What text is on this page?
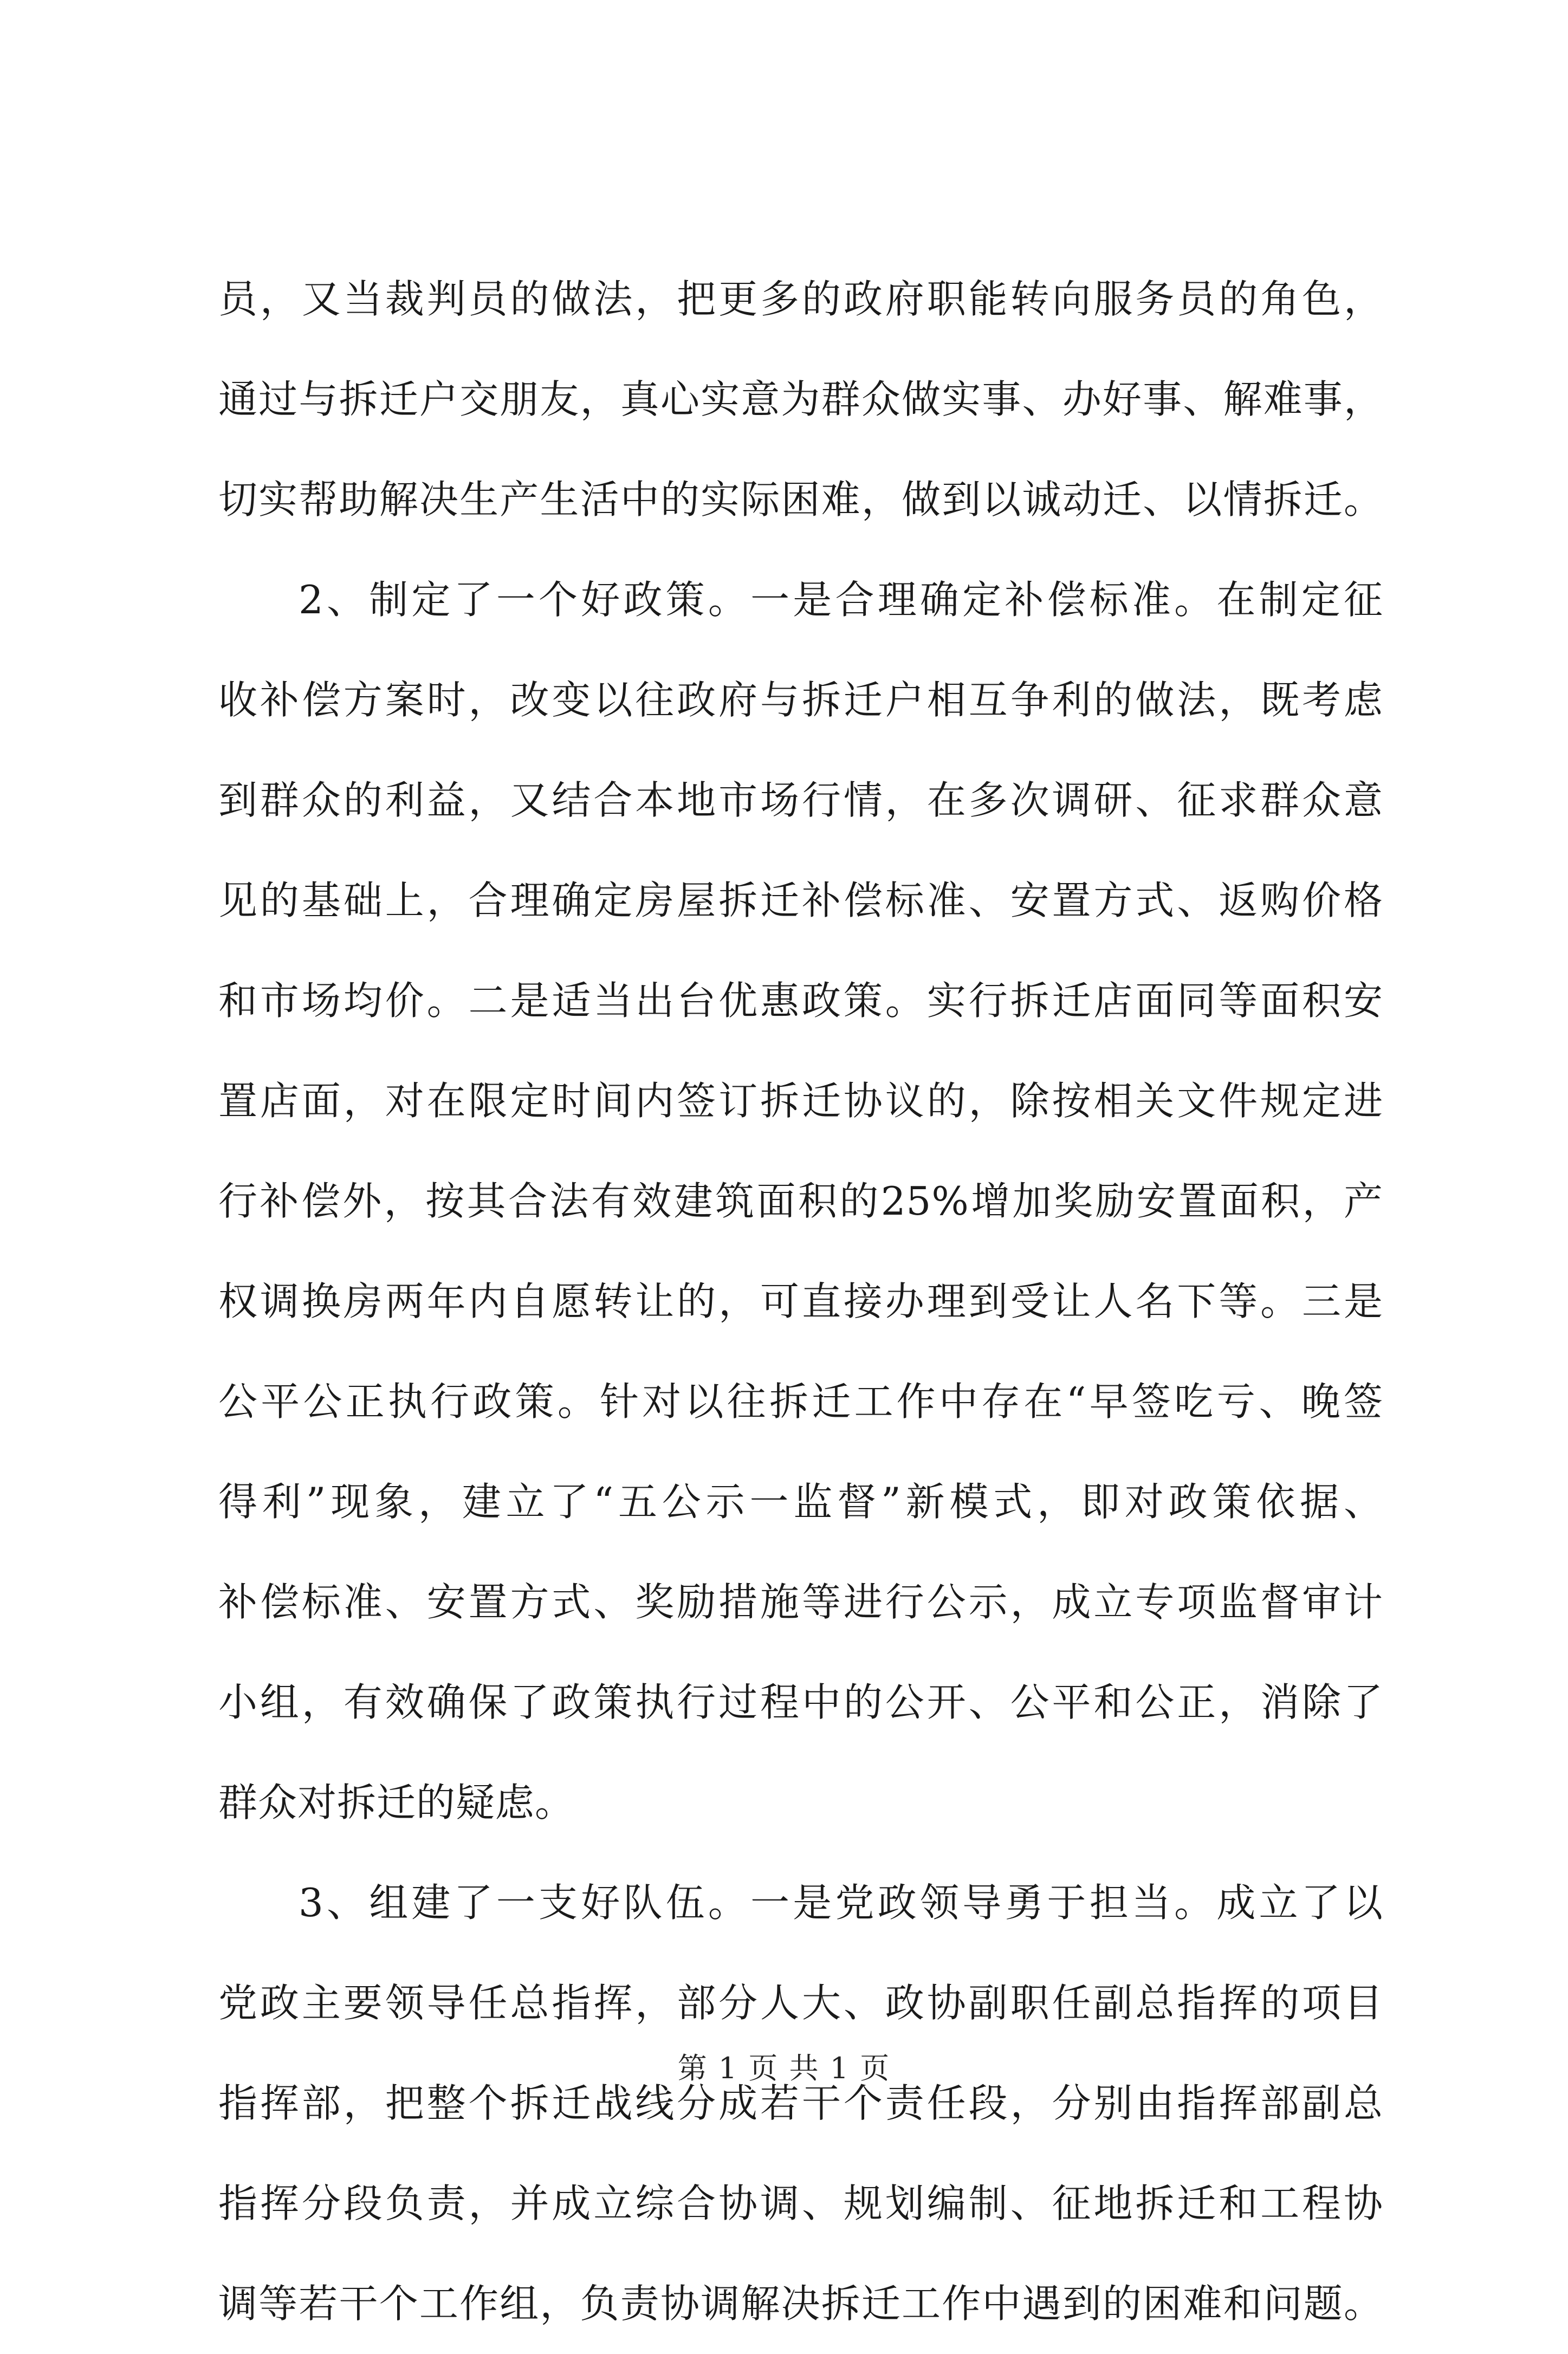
员，又当裁判员的做法，把更多的政府职能转向服务员的角色，
通过与拆迁户交朋友，真心实意为群众做实事、办好事、解难事，
切实帮助解决生产生活中的实际困难，做到以诚动迁、以情拆迁。
2、制定了一个好政策。一是合理确定补偿标准。在制定征
收补偿方案时，改变以往政府与拆迁户相互争利的做法，既考虑
到群众的利益，又结合本地市场行情，在多次调研、征求群众意
见的基础上，合理确定房屋拆迁补偿标准、安置方式、返购价格
和市场均价。二是适当出台优惠政策。实行拆迁店面同等面积安
置店面，对在限定时间内签订拆迁协议的，除按相关文件规定进
行补偿外，按其合法有效建筑面积的25%增加奖励安置面积，产
权调换房两年内自愿转让的，可直接办理到受让人名下等。三是
公平公正执行政策。针对以往拆迁工作中存在“早签吃亏、晚签
得利”现象，建立了“五公示一监督”新模式，即对政策依据、
补偿标准、安置方式、奖励措施等进行公示，成立专项监督审计
小组，有效确保了政策执行过程中的公开、公平和公正，消除了
群众对拆迁的疑虑。
3、组建了一支好队伍。一是党政领导勇于担当。成立了以
党政主要领导任总指挥，部分人大、政协副职任副总指挥的项目
指挥部，把整个拆迁战线分成若干个责任段，分别由指挥部副总
指挥分段负责，并成立综合协调、规划编制、征地拆迁和工程协
调等若干个工作组，负责协调解决拆迁工作中遇到的困难和问题。
第 1 页 共 1 页
